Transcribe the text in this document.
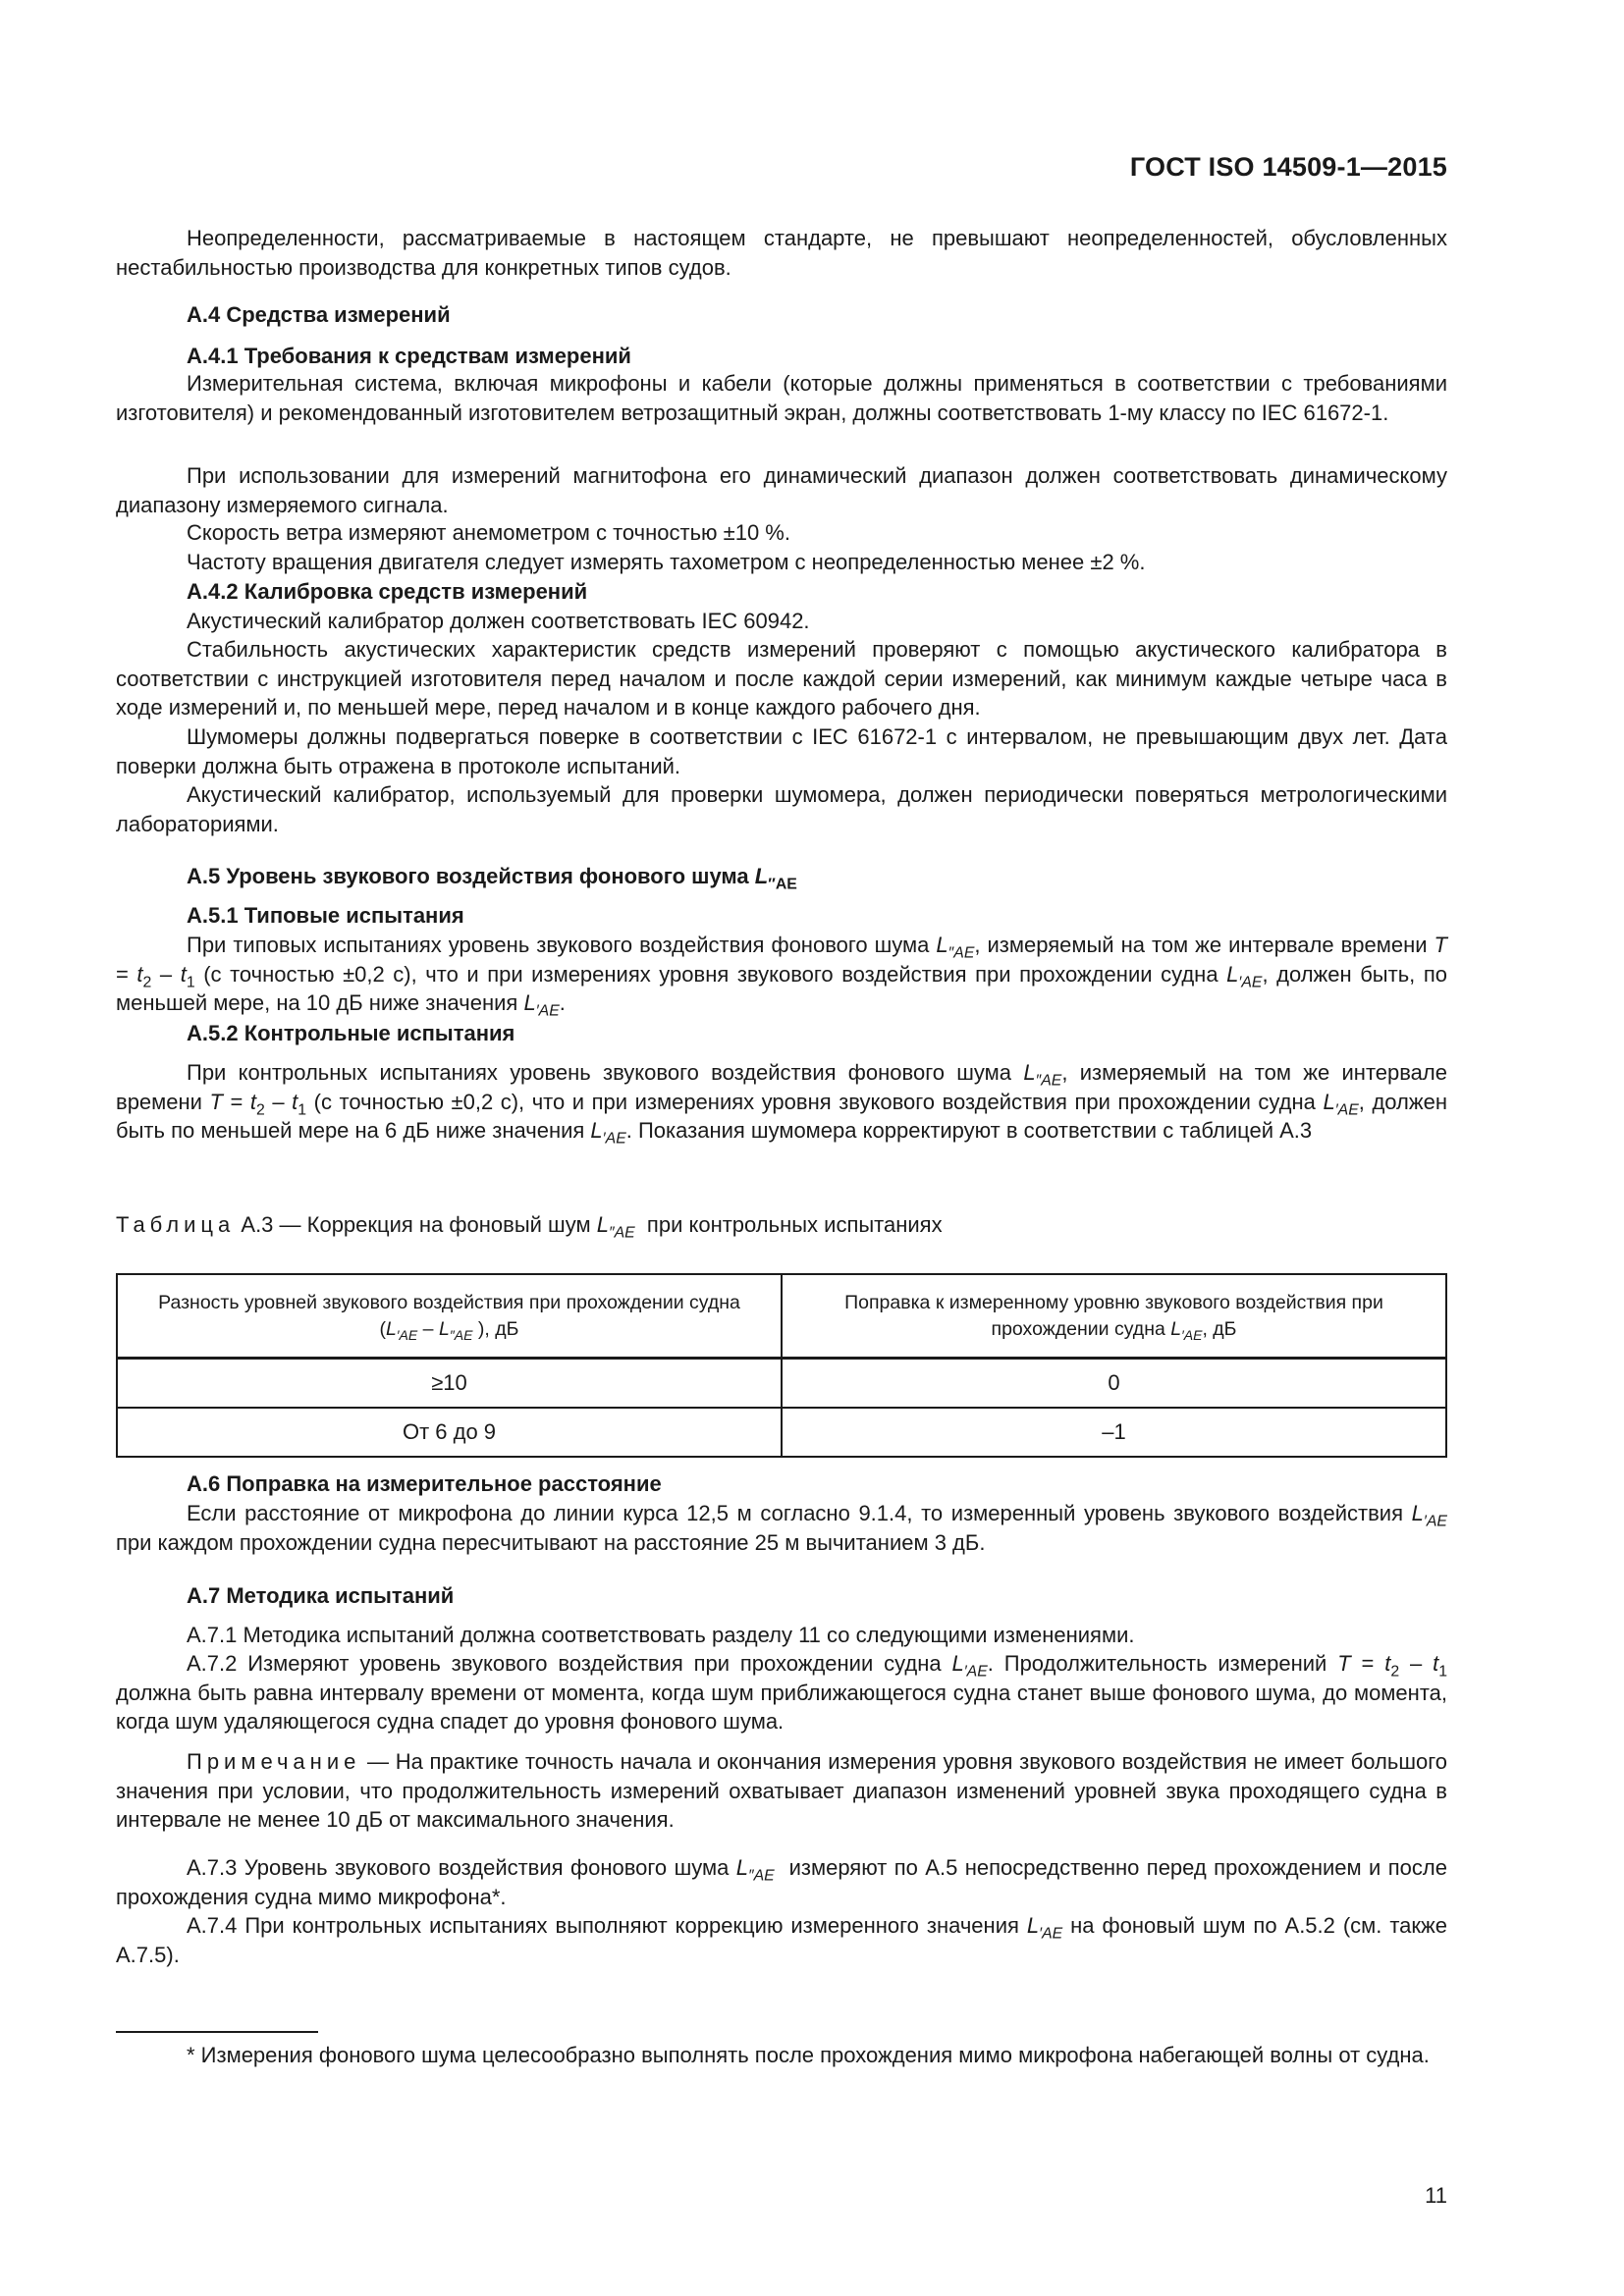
ГОСТ ISO 14509-1—2015

Неопределенности, рассматриваемые в настоящем стандарте, не превышают неопределенностей, обусловленных нестабильностью производства для конкретных типов судов.

А.4 Средства измерений

А.4.1 Требования к средствам измерений

Измерительная система, включая микрофоны и кабели (которые должны применяться в соответствии с требованиями изготовителя) и рекомендованный изготовителем ветрозащитный экран, должны соответствовать 1-му классу по IEC 61672-1.

При использовании для измерений магнитофона его динамический диапазон должен соответствовать динамическому диапазону измеряемого сигнала.

Скорость ветра измеряют анемометром с точностью ±10 %.

Частоту вращения двигателя следует измерять тахометром с неопределенностью менее ±2 %.

А.4.2 Калибровка средств измерений

Акустический калибратор должен соответствовать IEC 60942.

Стабильность акустических характеристик средств измерений проверяют с помощью акустического калибратора в соответствии с инструкцией изготовителя перед началом и после каждой серии измерений, как минимум каждые четыре часа в ходе измерений и, по меньшей мере, перед началом и в конце каждого рабочего дня.

Шумомеры должны подвергаться поверке в соответствии с IEC 61672-1 с интервалом, не превышающим двух лет. Дата поверки должна быть отражена в протоколе испытаний.

Акустический калибратор, используемый для проверки шумомера, должен периодически поверяться метрологическими лабораториями.

А.5 Уровень звукового воздействия фонового шума $L_{''AE}$

А.5.1 Типовые испытания

При типовых испытаниях уровень звукового воздействия фонового шума $L_{''AE}$, измеряемый на том же интервале времени $T = t_2 - t_1$ (с точностью ±0,2 с), что и при измерениях уровня звукового воздействия при прохождении судна $L_{'AE}$, должен быть, по меньшей мере, на 10 дБ ниже значения $L_{'AE}$.

А.5.2 Контрольные испытания

При контрольных испытаниях уровень звукового воздействия фонового шума $L_{''AE}$, измеряемый на том же интервале времени $T = t_2 - t_1$ (с точностью ±0,2 с), что и при измерениях уровня звукового воздействия при прохождении судна $L_{'AE}$, должен быть по меньшей мере на 6 дБ ниже значения $L_{'AE}$. Показания шумомера корректируют в соответствии с таблицей А.3

Таблица А.3 — Коррекция на фоновый шум $L_{''AE}$ при контрольных испытаниях

Разность уровней звукового воздействия при прохождении судна ($L_{'AE} - L_{''AE}$ ), дБ	Поправка к измеренному уровню звукового воздействия при прохождении судна $L_{'AE}$, дБ
≥10	0
От 6 до 9	–1

А.6 Поправка на измерительное расстояние

Если расстояние от микрофона до линии курса 12,5 м согласно 9.1.4, то измеренный уровень звукового воздействия $L_{'AE}$ при каждом прохождении судна пересчитывают на расстояние 25 м вычитанием 3 дБ.

А.7 Методика испытаний

А.7.1 Методика испытаний должна соответствовать разделу 11 со следующими изменениями.

А.7.2 Измеряют уровень звукового воздействия при прохождении судна $L_{'AE}$. Продолжительность измерений $T = t_2 - t_1$ должна быть равна интервалу времени от момента, когда шум приближающегося судна станет выше фонового шума, до момента, когда шум удаляющегося судна спадет до уровня фонового шума.

Примечание — На практике точность начала и окончания измерения уровня звукового воздействия не имеет большого значения при условии, что продолжительность измерений охватывает диапазон изменений уровней звука проходящего судна в интервале не менее 10 дБ от максимального значения.

А.7.3 Уровень звукового воздействия фонового шума $L_{''AE}$ измеряют по А.5 непосредственно перед прохождением и после прохождения судна мимо микрофона*.

А.7.4 При контрольных испытаниях выполняют коррекцию измеренного значения $L_{'AE}$ на фоновый шум по А.5.2 (см. также А.7.5).

* Измерения фонового шума целесообразно выполнять после прохождения мимо микрофона набегающей волны от судна.

11
